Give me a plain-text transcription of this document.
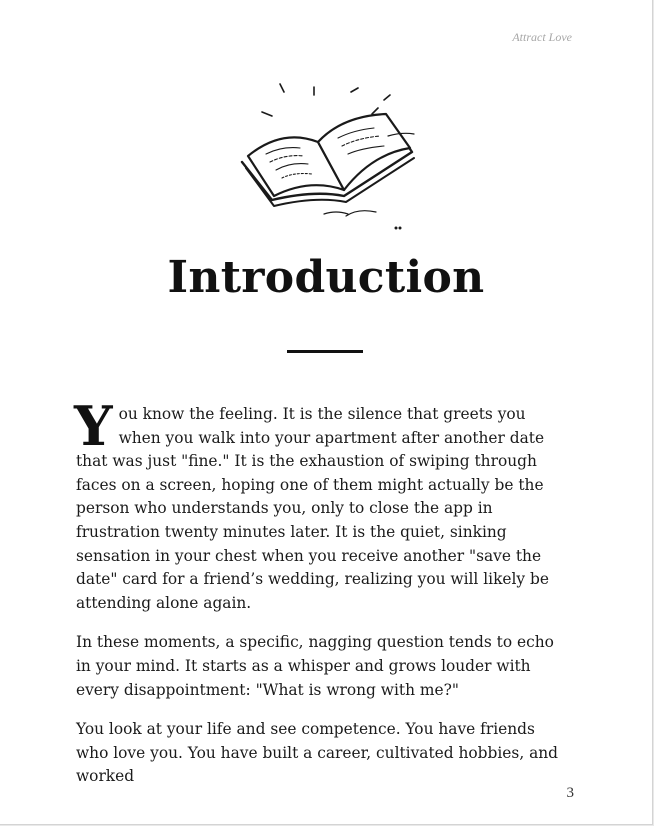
Attract Love
Introduction

You know the feeling. It is the silence that greets you when you walk into your apartment after another date that was just "fine." It is the exhaustion of swiping through faces on a screen, hoping one of them might actually be the person who understands you, only to close the app in frustration twenty minutes later. It is the quiet, sinking sensation in your chest when you receive another "save the date" card for a friend’s wedding, realizing you will likely be attending alone again.

In these moments, a specific, nagging question tends to echo in your mind. It starts as a whisper and grows louder with every disappointment: "What is wrong with me?"

You look at your life and see competence. You have friends who love you. You have built a career, cultivated hobbies, and worked

3
